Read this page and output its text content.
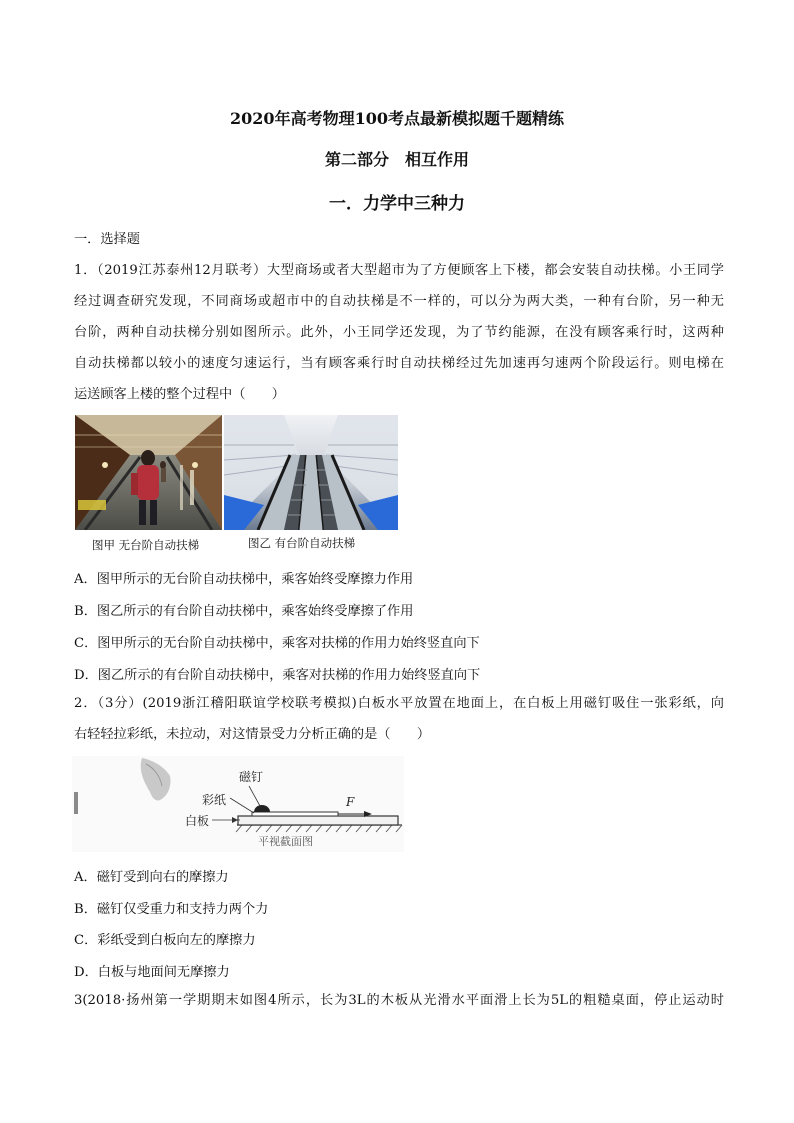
2020年高考物理100考点最新模拟题千题精练
第二部分　相互作用
一．力学中三种力
一．选择题
1．（2019江苏泰州12月联考）大型商场或者大型超市为了方便顾客上下楼，都会安装自动扶梯。小王同学
经过调查研究发现，不同商场或超市中的自动扶梯是不一样的，可以分为两大类，一种有台阶，另一种无
台阶，两种自动扶梯分别如图所示。此外，小王同学还发现，为了节约能源，在没有顾客乘行时，这两种
自动扶梯都以较小的速度匀速运行，当有顾客乘行时自动扶梯经过先加速再匀速两个阶段运行。则电梯在
运送顾客上楼的整个过程中（　　）
图甲 无台阶自动扶梯	图乙 有台阶自动扶梯
A．图甲所示的无台阶自动扶梯中，乘客始终受摩擦力作用
B．图乙所示的有台阶自动扶梯中，乘客始终受摩擦了作用
C．图甲所示的无台阶自动扶梯中，乘客对扶梯的作用力始终竖直向下
D．图乙所示的有台阶自动扶梯中，乘客对扶梯的作用力始终竖直向下
2．（3分）(2019浙江稽阳联谊学校联考模拟)白板水平放置在地面上，在白板上用磁钉吸住一张彩纸，向
右轻轻拉彩纸，未拉动，对这情景受力分析正确的是（　　）
磁钉
彩纸
白板
F
平视截面图
A．磁钉受到向右的摩擦力
B．磁钉仅受重力和支持力两个力
C．彩纸受到白板向左的摩擦力
D．白板与地面间无摩擦力
3(2018·扬州第一学期期末如图4所示，长为3L的木板从光滑水平面滑上长为5L的粗糙桌面，停止运动时
